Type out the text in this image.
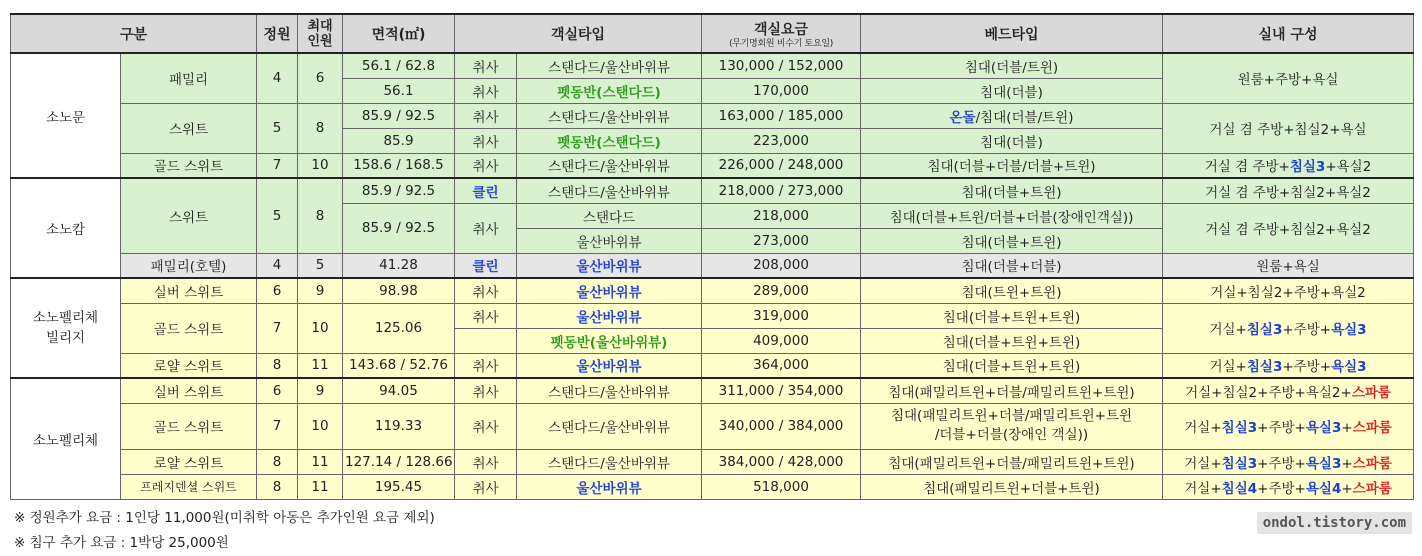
구분		정원	최대
인원	면적(㎡)	객실타입		객실요금
(무기명회원 비수기 토요일)	베드타입	실내 구성
소노문	패밀리	4	6	56.1 / 62.8	취사	스탠다드/울산바위뷰	130,000 / 152,000	침대(더블/트윈)	원룸+주방+욕실
				56.1	취사	펫동반(스탠다드)	170,000	침대(더블)	
	스위트	5	8	85.9 / 92.5	취사	스탠다드/울산바위뷰	163,000 / 185,000	온돌/침대(더블/트윈)	거실 겸 주방+침실2+욕실
				85.9	취사	펫동반(스탠다드)	223,000	침대(더블)	
	골드 스위트	7	10	158.6 / 168.5	취사	스탠다드/울산바위뷰	226,000 / 248,000	침대(더블+더블/더블+트윈)	거실 겸 주방+침실3+욕실2
소노캄	스위트	5	8	85.9 / 92.5	클린	스탠다드/울산바위뷰	218,000 / 273,000	침대(더블+트윈)	거실 겸 주방+침실2+욕실2
				85.9 / 92.5	취사	스탠다드	218,000	침대(더블+트윈/더블+더블(장애인객실))	거실 겸 주방+침실2+욕실2
						울산바위뷰	273,000	침대(더블+트윈)	
	패밀리(호텔)	4	5	41.28	클린	울산바위뷰	208,000	침대(더블+더블)	원룸+욕실
소노펠리체
빌리지	실버 스위트	6	9	98.98	취사	울산바위뷰	289,000	침대(트윈+트윈)	거실+침실2+주방+욕실2
	골드 스위트	7	10	125.06	취사	울산바위뷰	319,000	침대(더블+트윈+트윈)	거실+침실3+주방+욕실3
						펫동반(울산바위뷰)	409,000	침대(더블+트윈+트윈)	
	로얄 스위트	8	11	143.68 / 52.76	취사	울산바위뷰	364,000	침대(더블+트윈+트윈)	거실+침실3+주방+욕실3
소노펠리체	실버 스위트	6	9	94.05	취사	스탠다드/울산바위뷰	311,000 / 354,000	침대(패밀리트윈+더블/패밀리트윈+트윈)	거실+침실2+주방+욕실2+스파룸
	골드 스위트	7	10	119.33	취사	스탠다드/울산바위뷰	340,000 / 384,000	침대(패밀리트윈+더블/패밀리트윈+트윈
/더블+더블(장애인 객실))	거실+침실3+주방+욕실3+스파룸
	로얄 스위트	8	11	127.14 / 128.66	취사	스탠다드/울산바위뷰	384,000 / 428,000	침대(패밀리트윈+더블/패밀리트윈+트윈)	거실+침실3+주방+욕실3+스파룸
	프레지덴셜 스위트	8	11	195.45	취사	울산바위뷰	518,000	침대(패밀리트윈+더블+트윈)	거실+침실4+주방+욕실4+스파룸
※ 정원추가 요금 : 1인당 11,000원(미취학 아동은 추가인원 요금 제외)
※ 침구 추가 요금 : 1박당 25,000원
ondol.tistory.com
